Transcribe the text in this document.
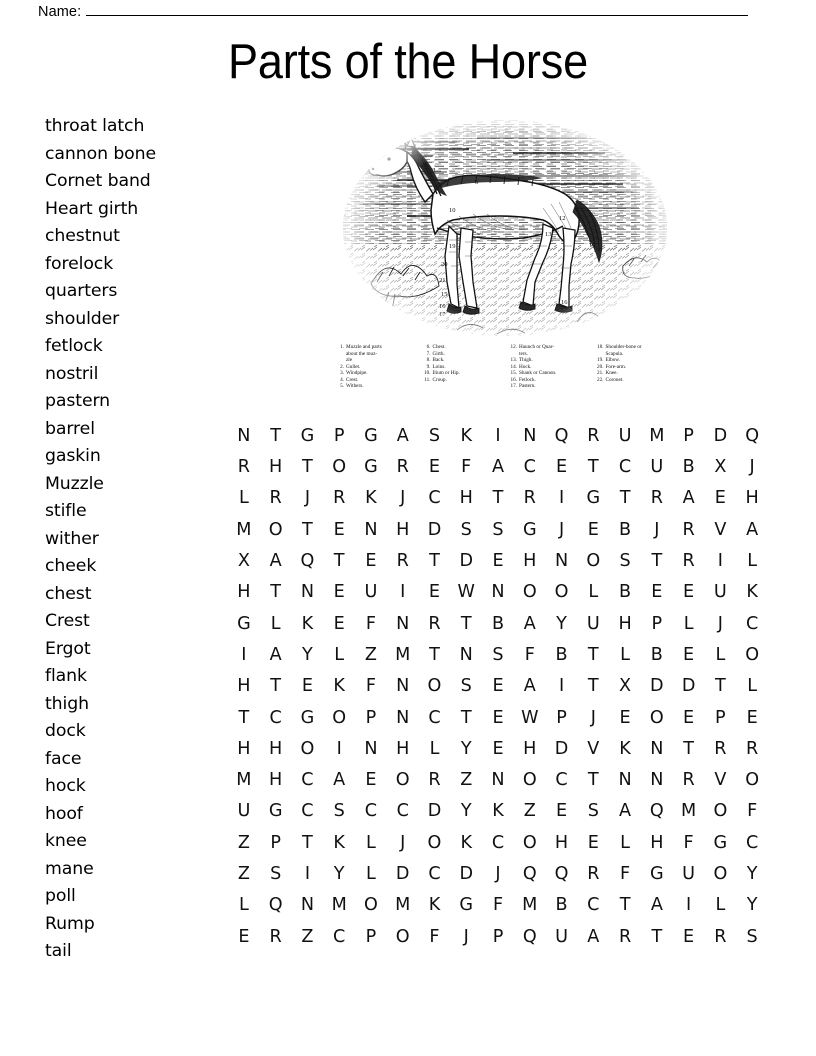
Name:
Parts of the Horse
throat latch
cannon bone
Cornet band
Heart girth
chestnut
forelock
quarters
shoulder
fetlock
nostril
pastern
barrel
gaskin
Muzzle
stifle
wither
cheek
chest
Crest
Ergot
flank
thigh
dock
face
hock
hoof
knee
mane
poll
Rump
tail
1. Muzzle and parts
about the muz-
zle
2. Gullet.
3. Windpipe.
4. Crest.
5. Withers.
6. Chest.
7. Girth.
8. Back.
9. Loins.
10. Ilium or Hip.
11. Croup.
12. Haunch or Quar-
ters.
13. Thigh.
14. Hock.
15. Shank or Cannon.
16. Fetlock.
17. Pastern.
18. Shoulder-bone or
Scapula.
19. Elbow.
20. Fore-arm.
21. Knee.
22. Coronet.
N	T	G	P	G	A	S	K	I	N	Q	R	U	M	P	D	Q
R	H	T	O	G	R	E	F	A	C	E	T	C	U	B	X	J
L	R	J	R	K	J	C	H	T	R	I	G	T	R	A	E	H
M O	T	E	N	H	D	S	S	G	J	E	B	J	R	V	A
X	A	Q	T	E	R	T	D	E	H	N	O	S	T	R	I	L
H	T	N	E	U	I	E W N	O	O	L	B	E	E	U	K
G	L	K	E	F	N	R	T	B	A	Y	U	H	P	L	J	C
I	A	Y	L	Z	M	T	N	S	F	B	T	L	B	E	L	O
H	T	E	K	F	N	O	S	E	A	I	T	X	D	D	T	L
T	C	G	O	P	N	C	T	E W	P	J	E	O	E	P	E
H	H	O	I	N	H	L	Y	E	H	D	V	K	N	T	R	R
M H	C	A	E	O	R	Z	N	O	C	T	N	N	R	V	O
U	G	C	S	C	C	D	Y	K	Z	E	S	A	Q M O	F
Z	P	T	K	L	J	O	K	C	O	H	E	L	H	F	G	C
Z	S	I	Y	L	D	C	D	J	Q	Q	R	F	G	U	O	Y
L	Q	N M O M	K	G	F	M	B	C	T	A	I	L	Y
E	R	Z	C	P	O	F	J	P	Q	U	A	R	T	E	R	S
